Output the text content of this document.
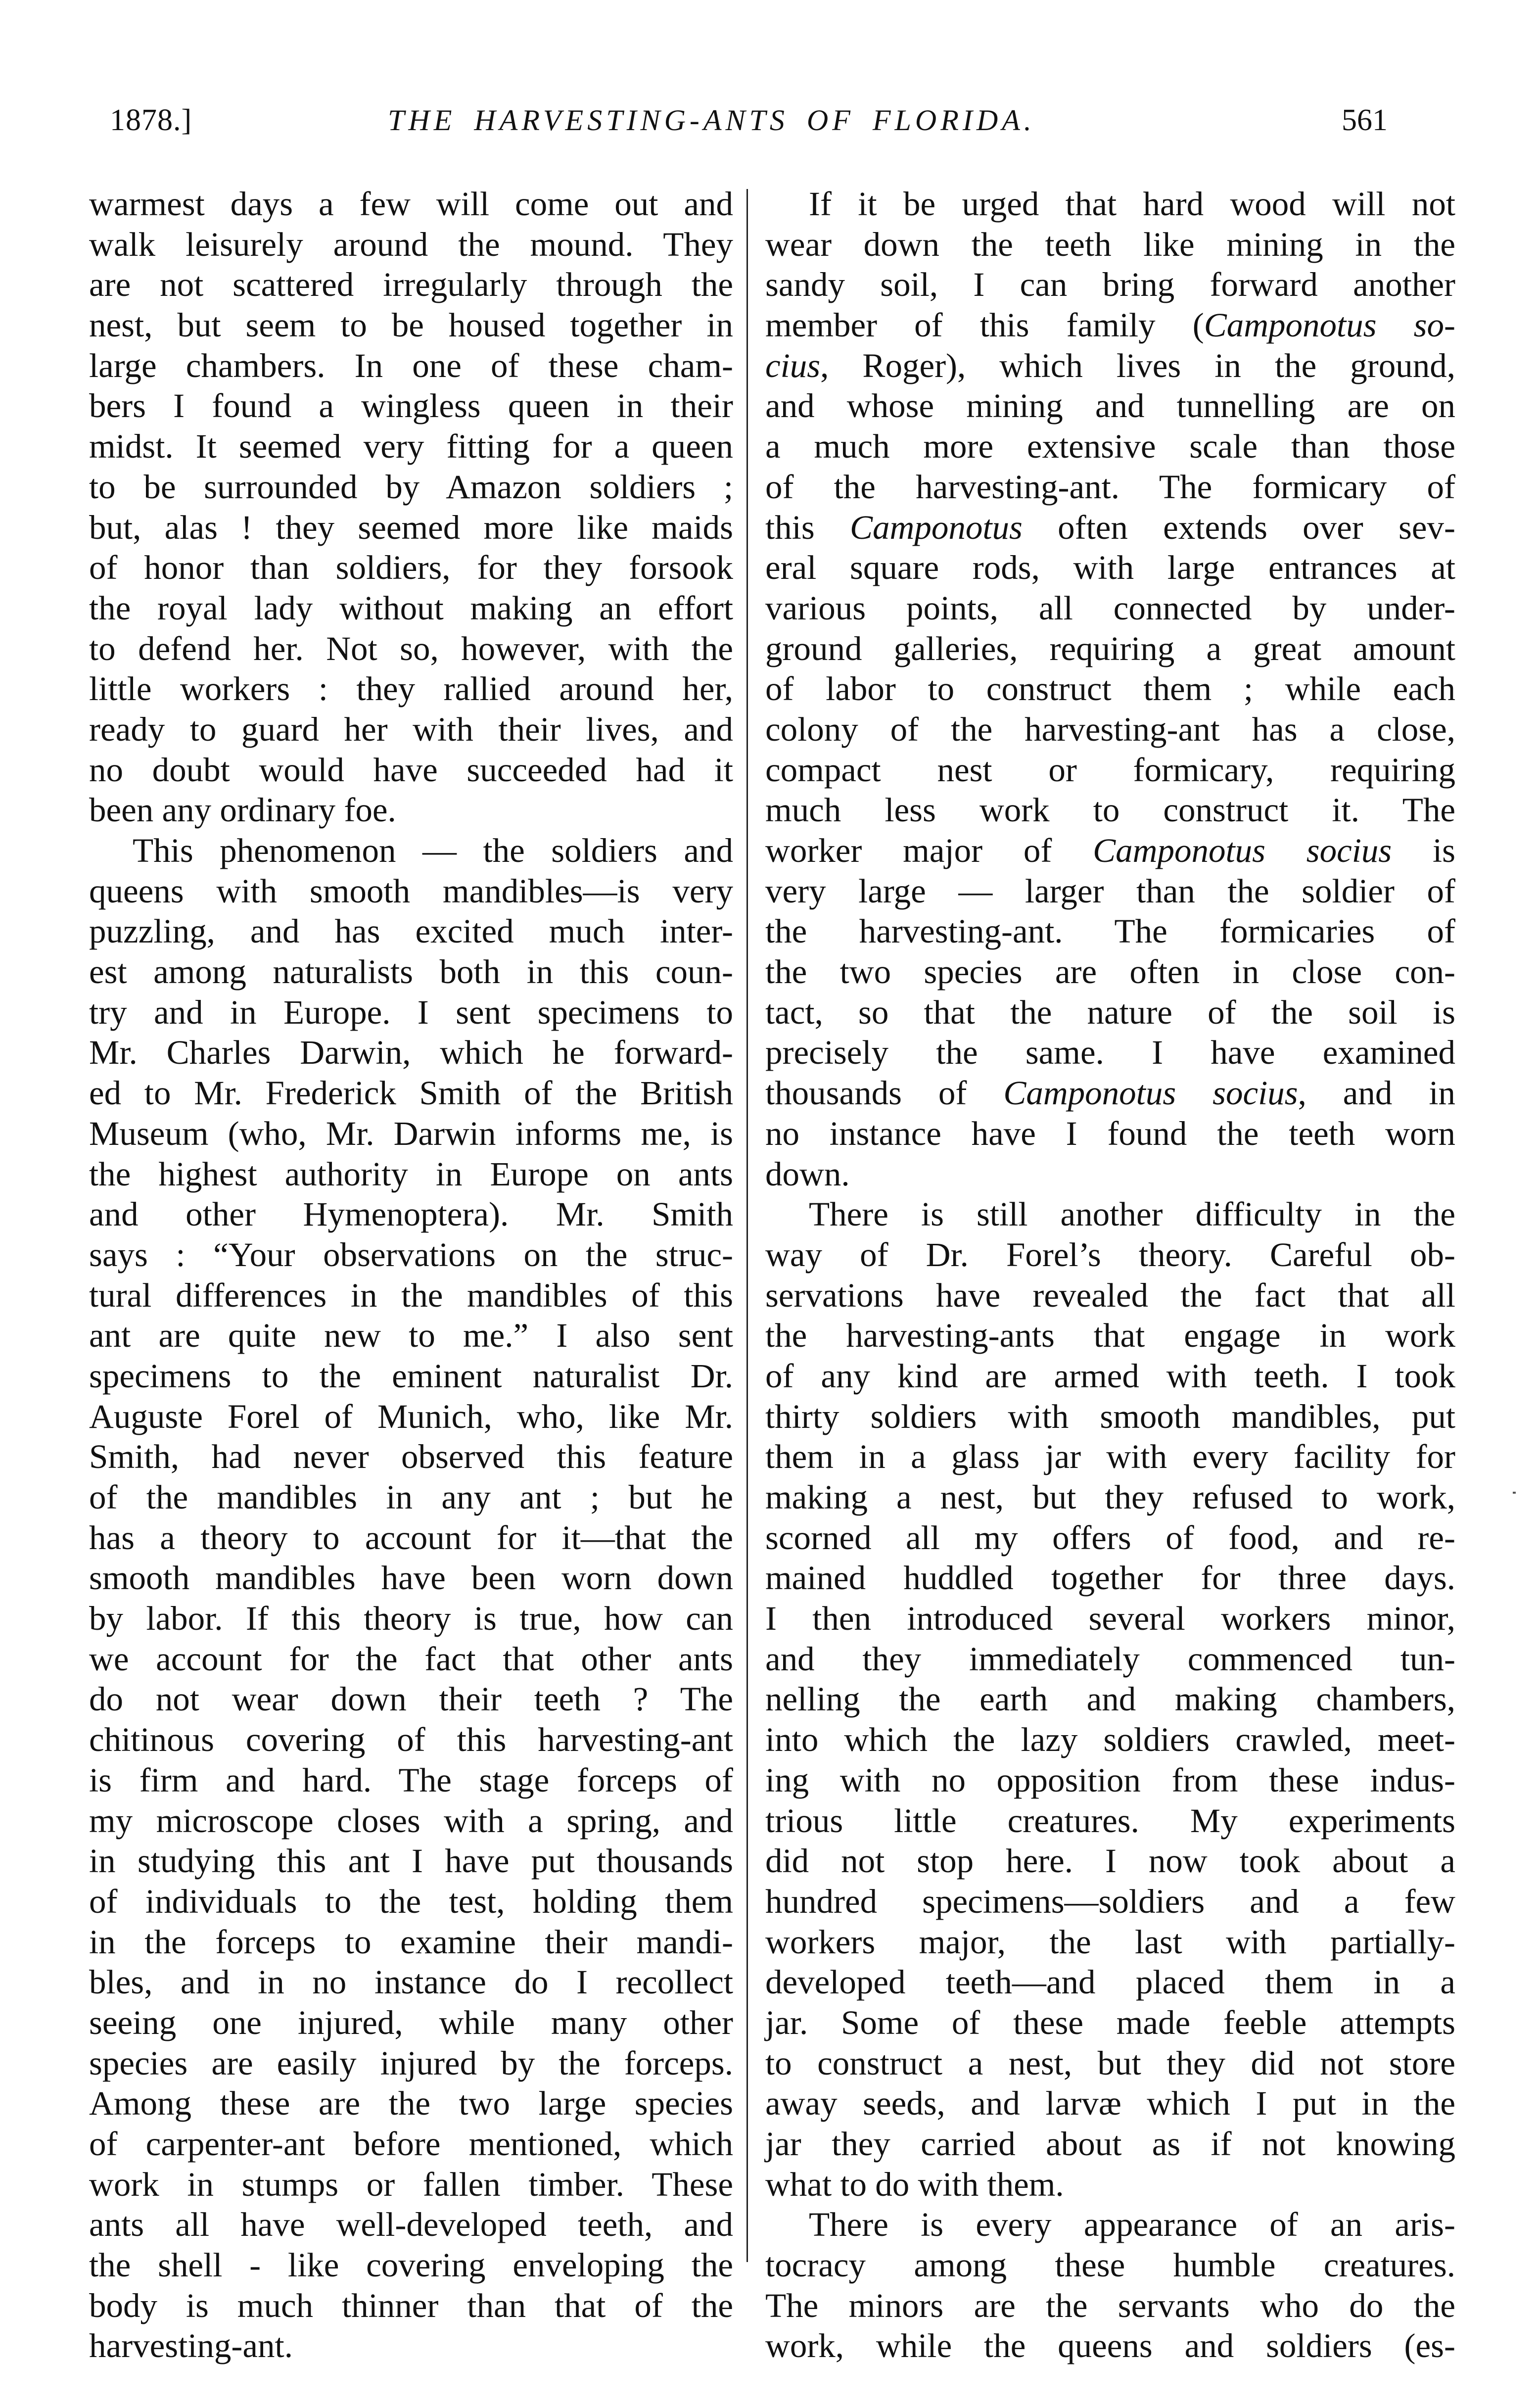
1878.]	THE HARVESTING-ANTS OF FLORIDA.	561
warmest days a few will come out and
walk leisurely around the mound. They
are not scattered irregularly through the
nest, but seem to be housed together in
large chambers. In one of these cham-
bers I found a wingless queen in their
midst. It seemed very fitting for a queen
to be surrounded by Amazon soldiers ;
but, alas ! they seemed more like maids
of honor than soldiers, for they forsook
the royal lady without making an effort
to defend her. Not so, however, with the
little workers : they rallied around her,
ready to guard her with their lives, and
no doubt would have succeeded had it
been any ordinary foe.
This phenomenon — the soldiers and
queens with smooth mandibles—is very
puzzling, and has excited much inter-
est among naturalists both in this coun-
try and in Europe. I sent specimens to
Mr. Charles Darwin, which he forward-
ed to Mr. Frederick Smith of the British
Museum (who, Mr. Darwin informs me, is
the highest authority in Europe on ants
and other Hymenoptera). Mr. Smith
says : “Your observations on the struc-
tural differences in the mandibles of this
ant are quite new to me.” I also sent
specimens to the eminent naturalist Dr.
Auguste Forel of Munich, who, like Mr.
Smith, had never observed this feature
of the mandibles in any ant ; but he
has a theory to account for it—that the
smooth mandibles have been worn down
by labor. If this theory is true, how can
we account for the fact that other ants
do not wear down their teeth ? The
chitinous covering of this harvesting-ant
is firm and hard. The stage forceps of
my microscope closes with a spring, and
in studying this ant I have put thousands
of individuals to the test, holding them
in the forceps to examine their mandi-
bles, and in no instance do I recollect
seeing one injured, while many other
species are easily injured by the forceps.
Among these are the two large species
of carpenter-ant before mentioned, which
work in stumps or fallen timber. These
ants all have well-developed teeth, and
the shell - like covering enveloping the
body is much thinner than that of the
harvesting-ant.
If it be urged that hard wood will not
wear down the teeth like mining in the
sandy soil, I can bring forward another
member of this family (Camponotus so-
cius, Roger), which lives in the ground,
and whose mining and tunnelling are on
a much more extensive scale than those
of the harvesting-ant. The formicary of
this Camponotus often extends over sev-
eral square rods, with large entrances at
various points, all connected by under-
ground galleries, requiring a great amount
of labor to construct them ; while each
colony of the harvesting-ant has a close,
compact nest or formicary, requiring
much less work to construct it. The
worker major of Camponotus socius is
very large — larger than the soldier of
the harvesting-ant. The formicaries of
the two species are often in close con-
tact, so that the nature of the soil is
precisely the same. I have examined
thousands of Camponotus socius, and in
no instance have I found the teeth worn
down.
There is still another difficulty in the
way of Dr. Forel’s theory. Careful ob-
servations have revealed the fact that all
the harvesting-ants that engage in work
of any kind are armed with teeth. I took
thirty soldiers with smooth mandibles, put
them in a glass jar with every facility for
making a nest, but they refused to work,
scorned all my offers of food, and re-
mained huddled together for three days.
I then introduced several workers minor,
and they immediately commenced tun-
nelling the earth and making chambers,
into which the lazy soldiers crawled, meet-
ing with no opposition from these indus-
trious little creatures. My experiments
did not stop here. I now took about a
hundred specimens—soldiers and a few
workers major, the last with partially-
developed teeth—and placed them in a
jar. Some of these made feeble attempts
to construct a nest, but they did not store
away seeds, and larvæ which I put in the
jar they carried about as if not knowing
what to do with them.
There is every appearance of an aris-
tocracy among these humble creatures.
The minors are the servants who do the
work, while the queens and soldiers (es-
